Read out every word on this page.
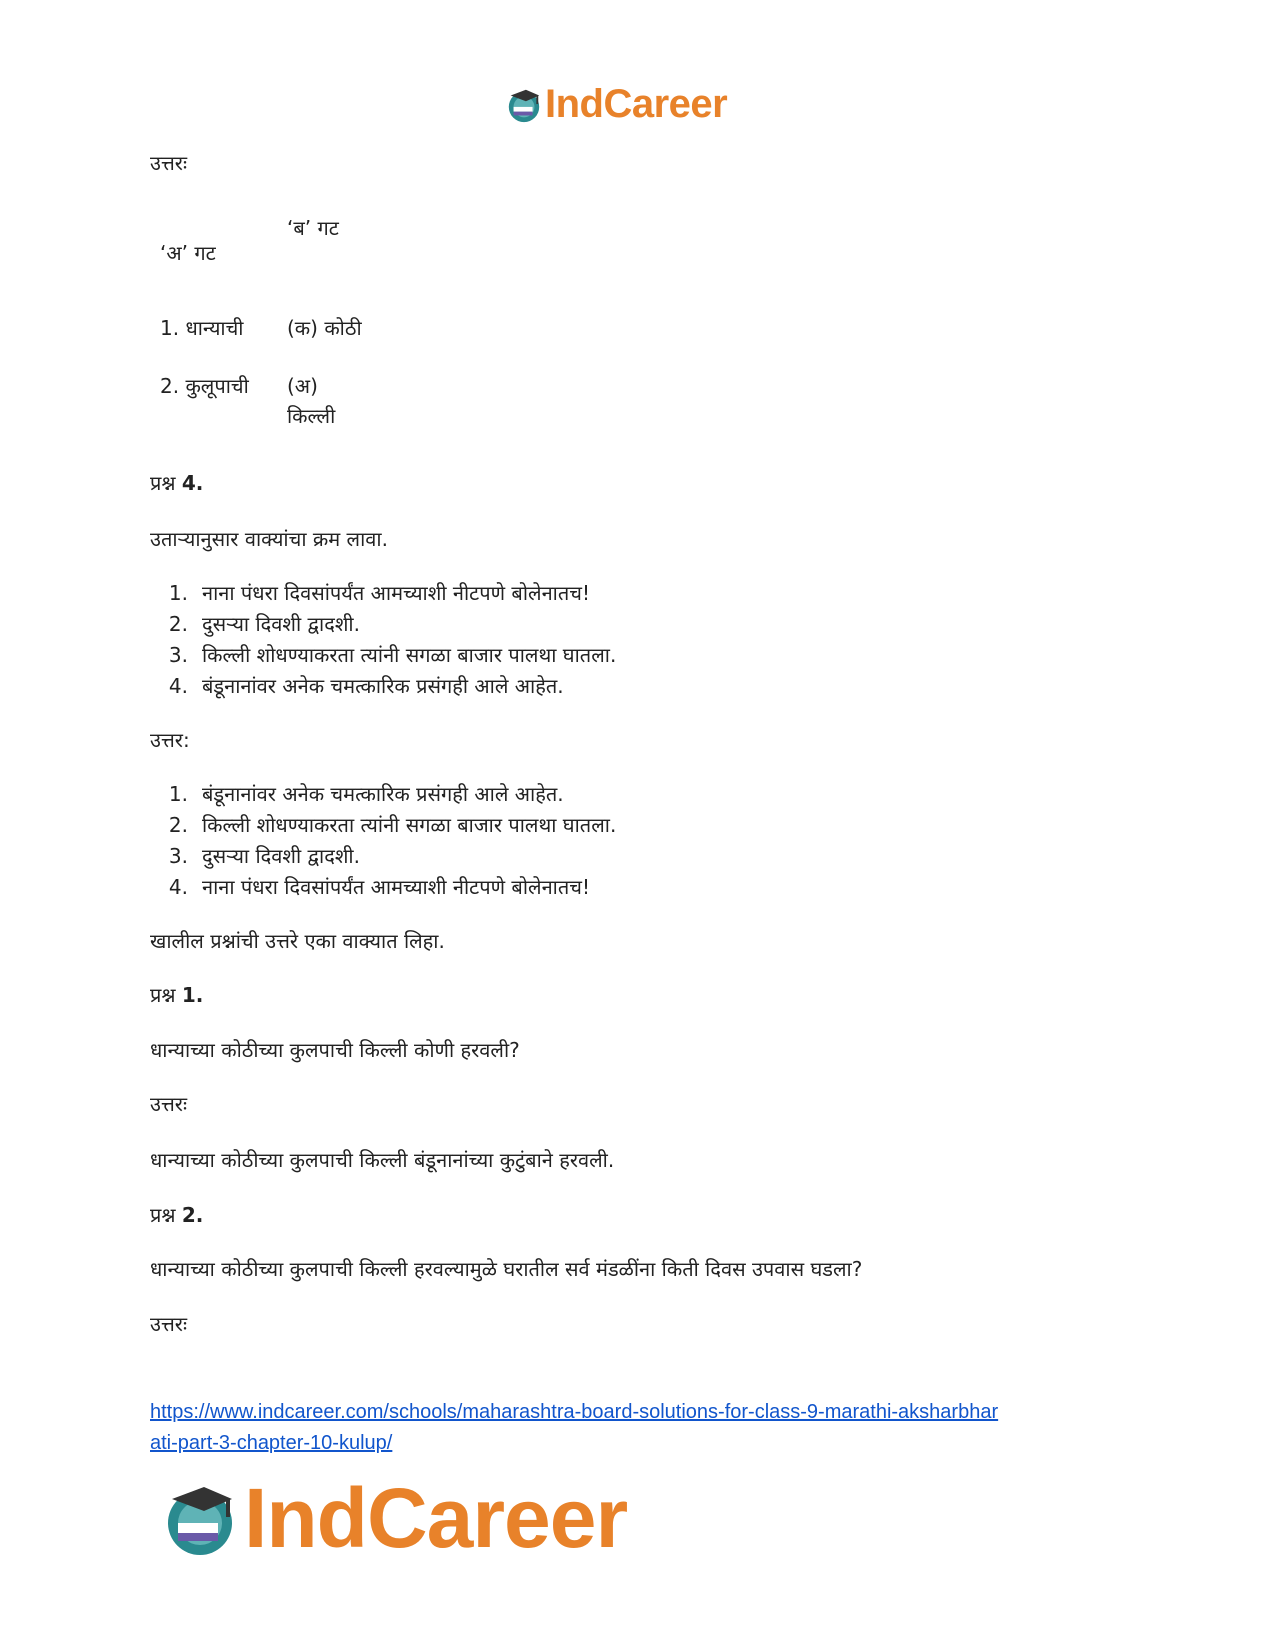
IndCareer
उत्तरः
‘ब’ गट
‘अ’ गट
1. धान्याची (क) कोठी
2. कुलूपाची (अ)
किल्ली
प्रश्न 4.
उताऱ्यानुसार वाक्यांचा क्रम लावा.
1. नाना पंधरा दिवसांपर्यंत आमच्याशी नीटपणे बोलेनातच!
2. दुसऱ्या दिवशी द्वादशी.
3. किल्ली शोधण्याकरता त्यांनी सगळा बाजार पालथा घातला.
4. बंडूनानांवर अनेक चमत्कारिक प्रसंगही आले आहेत.
उत्तर:
1. बंडूनानांवर अनेक चमत्कारिक प्रसंगही आले आहेत.
2. किल्ली शोधण्याकरता त्यांनी सगळा बाजार पालथा घातला.
3. दुसऱ्या दिवशी द्वादशी.
4. नाना पंधरा दिवसांपर्यंत आमच्याशी नीटपणे बोलेनातच!
खालील प्रश्नांची उत्तरे एका वाक्यात लिहा.
प्रश्न 1.
धान्याच्या कोठीच्या कुलपाची किल्ली कोणी हरवली?
उत्तरः
धान्याच्या कोठीच्या कुलपाची किल्ली बंडूनानांच्या कुटुंबाने हरवली.
प्रश्न 2.
धान्याच्या कोठीच्या कुलपाची किल्ली हरवल्यामुळे घरातील सर्व मंडळींना किती दिवस उपवास घडला?
उत्तरः
https://www.indcareer.com/schools/maharashtra-board-solutions-for-class-9-marathi-aksharbhar
ati-part-3-chapter-10-kulup/
IndCareer
